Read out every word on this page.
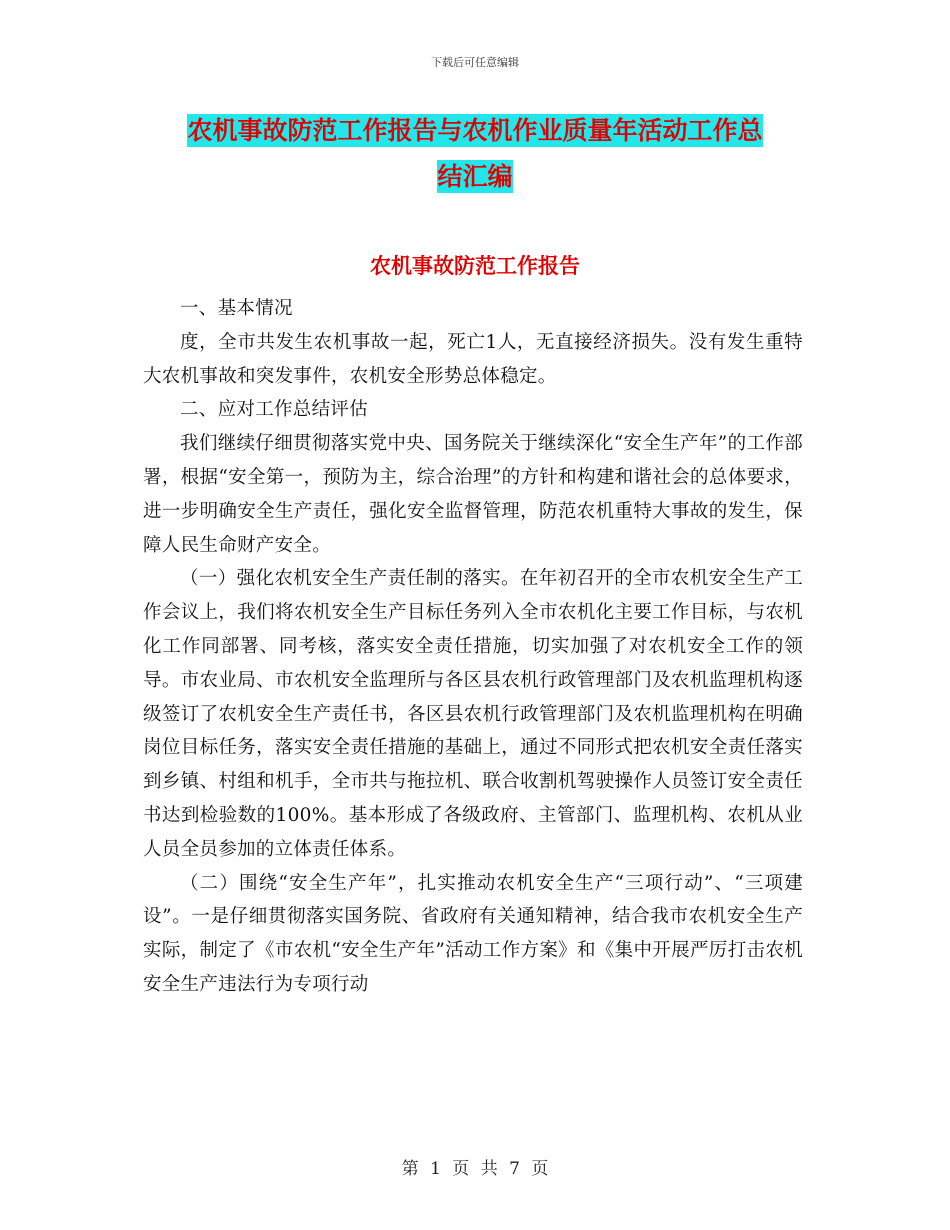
下载后可任意编辑
农机事故防范工作报告与农机作业质量年活动工作总
结汇编
农机事故防范工作报告

一、基本情况

度，全市共发生农机事故一起，死亡1人，无直接经济损失。没有发生重特大农机事故和突发事件，农机安全形势总体稳定。

二、应对工作总结评估

我们继续仔细贯彻落实党中央、国务院关于继续深化“安全生产年”的工作部署，根据“安全第一，预防为主，综合治理”的方针和构建和谐社会的总体要求，进一步明确安全生产责任，强化安全监督管理，防范农机重特大事故的发生，保障人民生命财产安全。

（一）强化农机安全生产责任制的落实。在年初召开的全市农机安全生产工作会议上，我们将农机安全生产目标任务列入全市农机化主要工作目标，与农机化工作同部署、同考核，落实安全责任措施，切实加强了对农机安全工作的领导。市农业局、市农机安全监理所与各区县农机行政管理部门及农机监理机构逐级签订了农机安全生产责任书，各区县农机行政管理部门及农机监理机构在明确岗位目标任务，落实安全责任措施的基础上，通过不同形式把农机安全责任落实到乡镇、村组和机手，全市共与拖拉机、联合收割机驾驶操作人员签订安全责任书达到检验数的100%。基本形成了各级政府、主管部门、监理机构、农机从业人员全员参加的立体责任体系。

（二）围绕“安全生产年”，扎实推动农机安全生产“三项行动”、“三项建设”。一是仔细贯彻落实国务院、省政府有关通知精神，结合我市农机安全生产实际，制定了《市农机“安全生产年”活动工作方案》和《集中开展严厉打击农机安全生产违法行为专项行动

第 1 页 共 7 页
